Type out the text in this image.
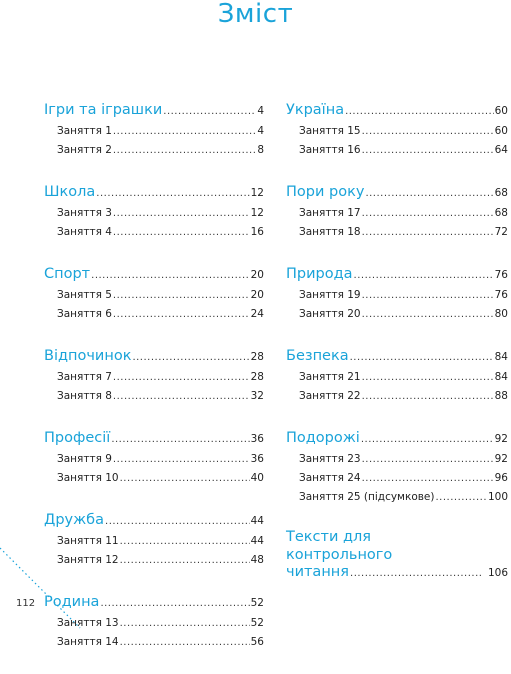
Зміст
Ігри та іграшки .....	4
Заняття 1 .....	4
Заняття 2 .....	8
Школа .....	12
Заняття 3 .....	12
Заняття 4 .....	16
Спорт .....	20
Заняття 5 .....	20
Заняття 6 .....	24
Відпочинок .....	28
Заняття 7 .....	28
Заняття 8 .....	32
Професії .....	36
Заняття 9 .....	36
Заняття 10 .....	40
Дружба .....	44
Заняття 11 .....	44
Заняття 12 .....	48
Родина .....	52
Заняття 13 .....	52
Заняття 14 .....	56
Україна .....	60
Заняття 15 .....	60
Заняття 16 .....	64
Пори року .....	68
Заняття 17 .....	68
Заняття 18 .....	72
Природа .....	76
Заняття 19 .....	76
Заняття 20 .....	80
Безпека .....	84
Заняття 21 .....	84
Заняття 22 .....	88
Подорожі .....	92
Заняття 23 .....	92
Заняття 24 .....	96
Заняття 25 (підсумкове) .....	100
Тексти для
контрольного
читання .....	106
112
